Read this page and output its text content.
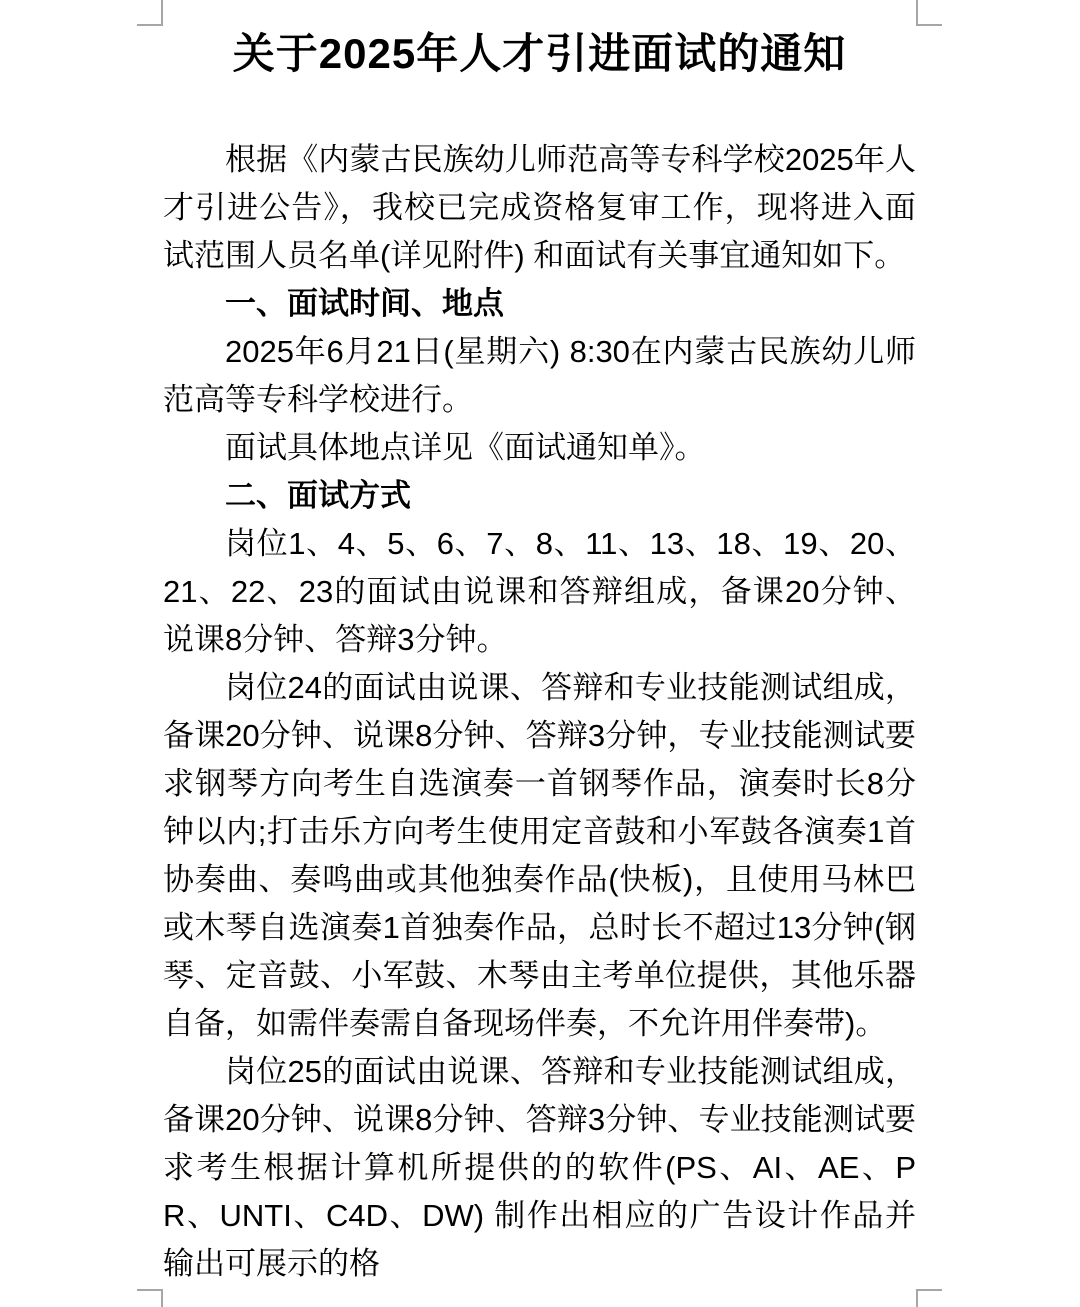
关于2025年人才引进面试的通知

根据《内蒙古民族幼儿师范高等专科学校2025年人才引进公告》，我校已完成资格复审工作，现将进入面试范围人员名单(详见附件) 和面试有关事宜通知如下。

一、面试时间、地点

2025年6月21日(星期六) 8:30在内蒙古民族幼儿师范高等专科学校进行。

面试具体地点详见《面试通知单》。

二、面试方式

岗位1、4、5、6、7、8、11、13、18、19、20、21、22、23的面试由说课和答辩组成，备课20分钟、说课8分钟、答辩3分钟。

岗位24的面试由说课、答辩和专业技能测试组成，备课20分钟、说课8分钟、答辩3分钟，专业技能测试要求钢琴方向考生自选演奏一首钢琴作品，演奏时长8分钟以内;打击乐方向考生使用定音鼓和小军鼓各演奏1首协奏曲、奏鸣曲或其他独奏作品(快板)，且使用马林巴或木琴自选演奏1首独奏作品，总时长不超过13分钟(钢琴、定音鼓、小军鼓、木琴由主考单位提供，其他乐器自备，如需伴奏需自备现场伴奏，不允许用伴奏带)。

岗位25的面试由说课、答辩和专业技能测试组成，备课20分钟、说课8分钟、答辩3分钟、专业技能测试要求考生根据计算机所提供的的软件(PS、AI、AE、PR、UNTI、C4D、DW) 制作出相应的广告设计作品并输出可展示的格
